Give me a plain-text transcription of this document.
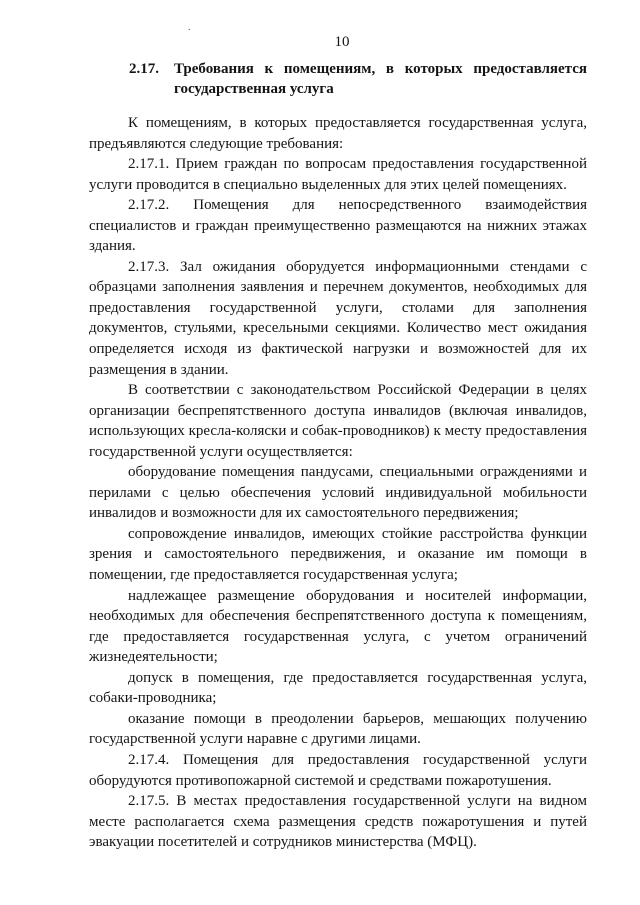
.
10
2.17. Требования к помещениям, в которых предоставляется
государственная услуга

К помещениям, в которых предоставляется государственная услуга, предъявляются следующие требования:

2.17.1. Прием граждан по вопросам предоставления государственной услуги проводится в специально выделенных для этих целей помещениях.

2.17.2. Помещения для непосредственного взаимодействия специалистов и граждан преимущественно размещаются на нижних этажах здания.

2.17.3. Зал ожидания оборудуется информационными стендами с образцами заполнения заявления и перечнем документов, необходимых для предоставления государственной услуги, столами для заполнения документов, стульями, кресельными секциями. Количество мест ожидания определяется исходя из фактической нагрузки и возможностей для их размещения в здании.

В соответствии с законодательством Российской Федерации в целях организации беспрепятственного доступа инвалидов (включая инвалидов, использующих кресла-коляски и собак-проводников) к месту предоставления государственной услуги осуществляется:

оборудование помещения пандусами, специальными ограждениями и перилами с целью обеспечения условий индивидуальной мобильности инвалидов и возможности для их самостоятельного передвижения;

сопровождение инвалидов, имеющих стойкие расстройства функции зрения и самостоятельного передвижения, и оказание им помощи в помещении, где предоставляется государственная услуга;

надлежащее размещение оборудования и носителей информации, необходимых для обеспечения беспрепятственного доступа к помещениям, где предоставляется государственная услуга, с учетом ограничений жизнедеятельности;

допуск в помещения, где предоставляется государственная услуга, собаки-проводника;

оказание помощи в преодолении барьеров, мешающих получению государственной услуги наравне с другими лицами.

2.17.4. Помещения для предоставления государственной услуги оборудуются противопожарной системой и средствами пожаротушения.

2.17.5. В местах предоставления государственной услуги на видном месте располагается схема размещения средств пожаротушения и путей эвакуации посетителей и сотрудников министерства (МФЦ).
